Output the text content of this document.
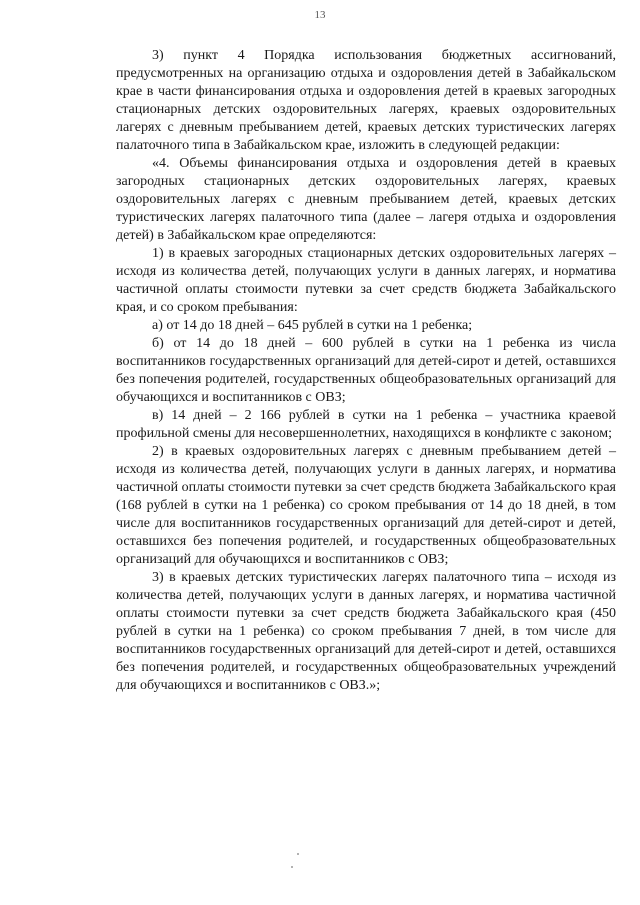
13

3) пункт 4 Порядка использования бюджетных ассигнований, предусмотренных на организацию отдыха и оздоровления детей в Забайкальском крае в части финансирования отдыха и оздоровления детей в краевых загородных стационарных детских оздоровительных лагерях, краевых оздоровительных лагерях с дневным пребыванием детей, краевых детских туристических лагерях палаточного типа в Забайкальском крае, изложить в следующей редакции:

«4. Объемы финансирования отдыха и оздоровления детей в краевых загородных стационарных детских оздоровительных лагерях, краевых оздоровительных лагерях с дневным пребыванием детей, краевых детских туристических лагерях палаточного типа (далее – лагеря отдыха и оздоровления детей) в Забайкальском крае определяются:

1) в краевых загородных стационарных детских оздоровительных лагерях – исходя из количества детей, получающих услуги в данных лагерях, и норматива частичной оплаты стоимости путевки за счет средств бюджета Забайкальского края, и со сроком пребывания:

а) от 14 до 18 дней – 645 рублей в сутки на 1 ребенка;

б) от 14 до 18 дней – 600 рублей в сутки на 1 ребенка из числа воспитанников государственных организаций для детей-сирот и детей, оставшихся без попечения родителей, государственных общеобразовательных организаций для обучающихся и воспитанников с ОВЗ;

в) 14 дней – 2 166 рублей в сутки на 1 ребенка – участника краевой профильной смены для несовершеннолетних, находящихся в конфликте с законом;

2) в краевых оздоровительных лагерях с дневным пребыванием детей – исходя из количества детей, получающих услуги в данных лагерях, и норматива частичной оплаты стоимости путевки за счет средств бюджета Забайкальского края (168 рублей в сутки на 1 ребенка) со сроком пребывания от 14 до 18 дней, в том числе для воспитанников государственных организаций для детей-сирот и детей, оставшихся без попечения родителей, и государственных общеобразовательных организаций для обучающихся и воспитанников с ОВЗ;

3) в краевых детских туристических лагерях палаточного типа – исходя из количества детей, получающих услуги в данных лагерях, и норматива частичной оплаты стоимости путевки за счет средств бюджета Забайкальского края (450 рублей в сутки на 1 ребенка) со сроком пребывания 7 дней, в том числе для воспитанников государственных организаций для детей-сирот и детей, оставшихся без попечения родителей, и государственных общеобразовательных учреждений для обучающихся и воспитанников с ОВЗ.»;
